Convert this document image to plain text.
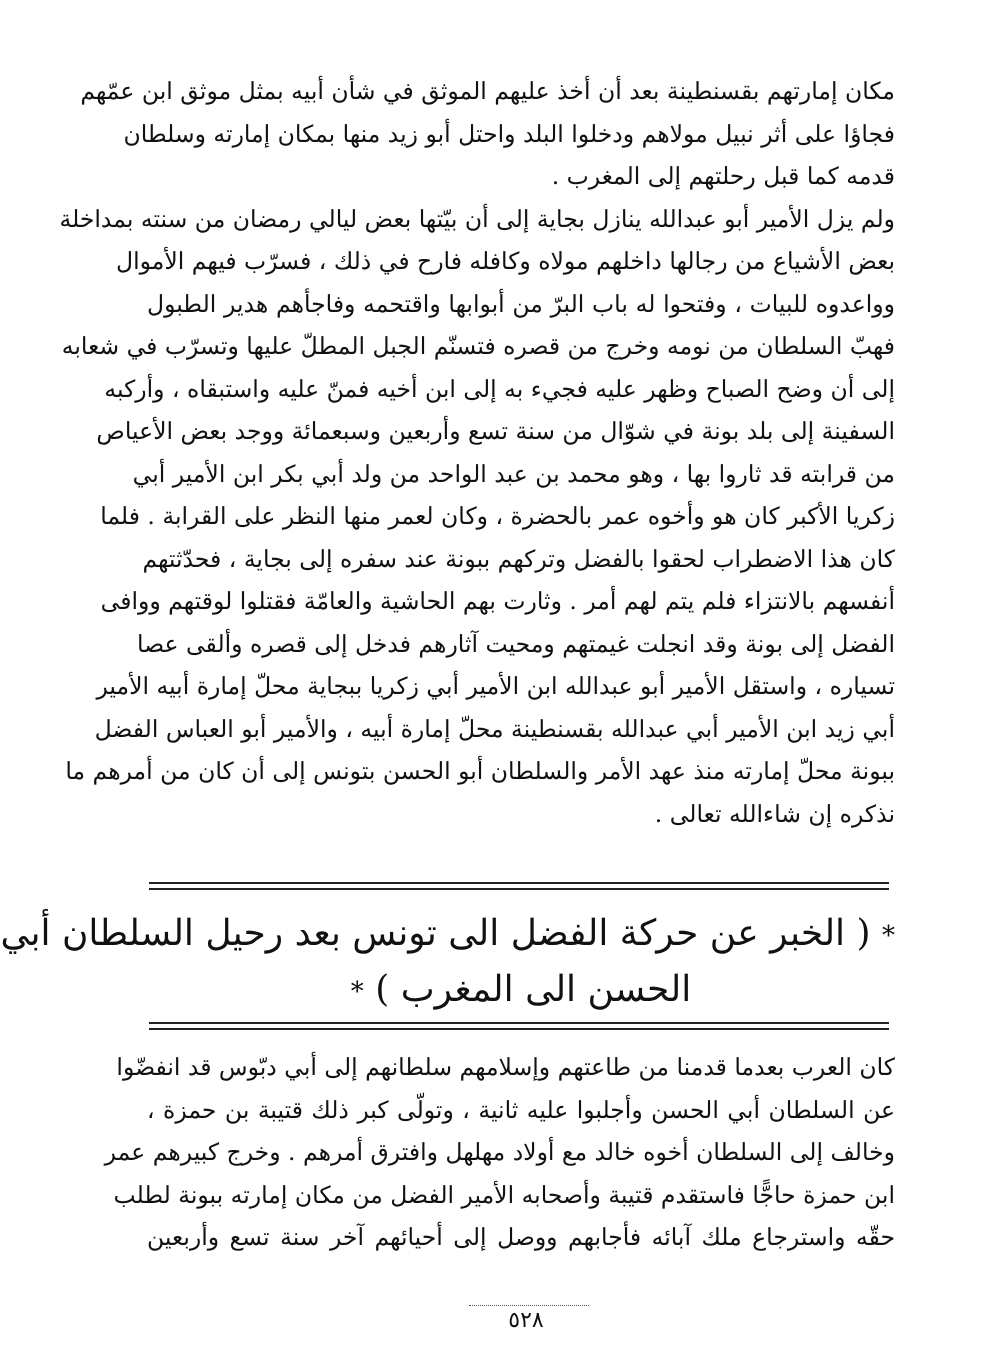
مكان إمارتهم بقسنطينة بعد أن أخذ عليهم الموثق في شأن أبيه بمثل موثق ابن عمّهم
فجاؤا على أثر نبيل مولاهم ودخلوا البلد واحتل أبو زيد منها بمكان إمارته وسلطان
قدمه كما قبل رحلتهم إلى المغرب .

ولم يزل الأمير أبو عبدالله ينازل بجاية إلى أن بيّتها بعض ليالي رمضان من سنته بمداخلة
بعض الأشياع من رجالها داخلهم مولاه وكافله فارح في ذلك ، فسرّب فيهم الأموال
وواعدوه للبيات ، وفتحوا له باب البرّ من أبوابها واقتحمه وفاجأهم هدير الطبول
فهبّ السلطان من نومه وخرج من قصره فتسنّم الجبل المطلّ عليها وتسرّب في شعابه
إلى أن وضح الصباح وظهر عليه فجيء به إلى ابن أخيه فمنّ عليه واستبقاه ، وأركبه
السفينة إلى بلد بونة في شوّال من سنة تسع وأربعين وسبعمائة ووجد بعض الأعياص
من قرابته قد ثاروا بها ، وهو محمد بن عبد الواحد من ولد أبي بكر ابن الأمير أبي
زكريا الأكبر كان هو وأخوه عمر بالحضرة ، وكان لعمر منها النظر على القرابة . فلما
كان هذا الاضطراب لحقوا بالفضل وتركهم ببونة عند سفره إلى بجاية ، فحدّثتهم
أنفسهم بالانتزاء فلم يتم لهم أمر . وثارت بهم الحاشية والعامّة فقتلوا لوقتهم ووافى
الفضل إلى بونة وقد انجلت غيمتهم ومحيت آثارهم فدخل إلى قصره وألقى عصا
تسياره ، واستقل الأمير أبو عبدالله ابن الأمير أبي زكريا ببجاية محلّ إمارة أبيه الأمير
أبي زيد ابن الأمير أبي عبدالله بقسنطينة محلّ إمارة أبيه ، والأمير أبو العباس الفضل
ببونة محلّ إمارته منذ عهد الأمر والسلطان أبو الحسن بتونس إلى أن كان من أمرهم ما
نذكره إن شاءالله تعالى .

* ( الخبر عن حركة الفضل الى تونس بعد رحيل السلطان أبي
الحسن الى المغرب ) *

كان العرب بعدما قدمنا من طاعتهم وإسلامهم سلطانهم إلى أبي دبّوس قد انفضّوا
عن السلطان أبي الحسن وأجلبوا عليه ثانية ، وتولّى كبر ذلك قتيبة بن حمزة ،
وخالف إلى السلطان أخوه خالد مع أولاد مهلهل وافترق أمرهم . وخرج كبيرهم عمر
ابن حمزة حاجًّا فاستقدم قتيبة وأصحابه الأمير الفضل من مكان إمارته ببونة لطلب
حقّه واسترجاع ملك آبائه فأجابهم ووصل إلى أحيائهم آخر سنة تسع وأربعين

٥٢٨
